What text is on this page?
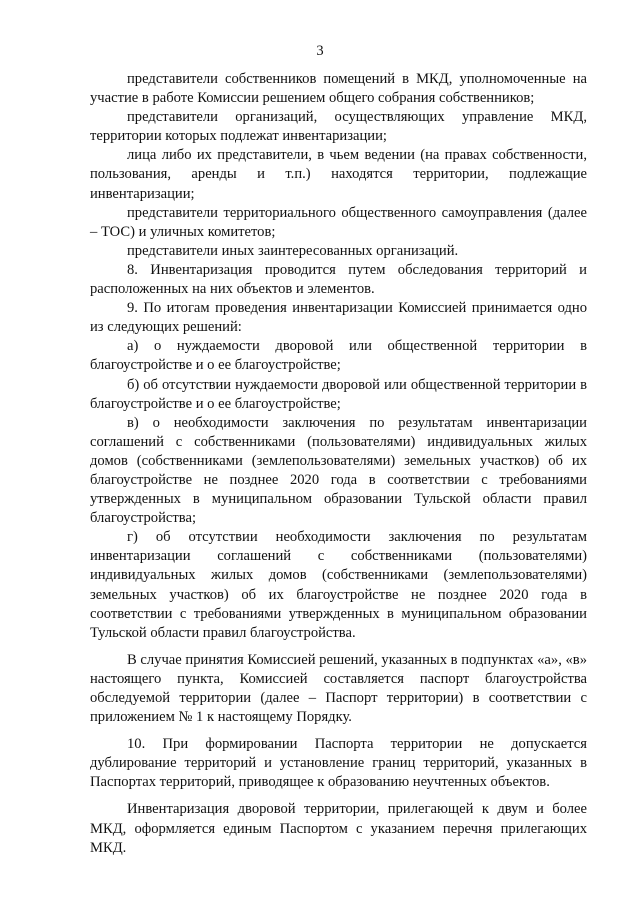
3

представители собственников помещений в МКД, уполномоченные на участие в работе Комиссии решением общего собрания собственников;

представители организаций, осуществляющих управление МКД, территории которых подлежат инвентаризации;

лица либо их представители, в чьем ведении (на правах собственности, пользования, аренды и т.п.) находятся территории, подлежащие инвентаризации;

представители территориального общественного самоуправления (далее – ТОС) и уличных комитетов;

представители иных заинтересованных организаций.

8. Инвентаризация проводится путем обследования территорий и расположенных на них объектов и элементов.

9. По итогам проведения инвентаризации Комиссией принимается одно из следующих решений:

а) о нуждаемости дворовой или общественной территории в благоустройстве и о ее благоустройстве;

б) об отсутствии нуждаемости дворовой или общественной территории в благоустройстве и о ее благоустройстве;

в) о необходимости заключения по результатам инвентаризации соглашений с собственниками (пользователями) индивидуальных жилых домов (собственниками (землепользователями) земельных участков) об их благоустройстве не позднее 2020 года в соответствии с требованиями утвержденных в муниципальном образовании Тульской области правил благоустройства;

г) об отсутствии необходимости заключения по результатам инвентаризации соглашений с собственниками (пользователями) индивидуальных жилых домов (собственниками (землепользователями) земельных участков) об их благоустройстве не позднее 2020 года в соответствии с требованиями утвержденных в муниципальном образовании Тульской области правил благоустройства.

В случае принятия Комиссией решений, указанных в подпунктах «а», «в» настоящего пункта, Комиссией составляется паспорт благоустройства обследуемой территории (далее – Паспорт территории) в соответствии с приложением № 1 к настоящему Порядку.

10. При формировании Паспорта территории не допускается дублирование территорий и установление границ территорий, указанных в Паспортах территорий, приводящее к образованию неучтенных объектов.

Инвентаризация дворовой территории, прилегающей к двум и более МКД, оформляется единым Паспортом с указанием перечня прилегающих МКД.
